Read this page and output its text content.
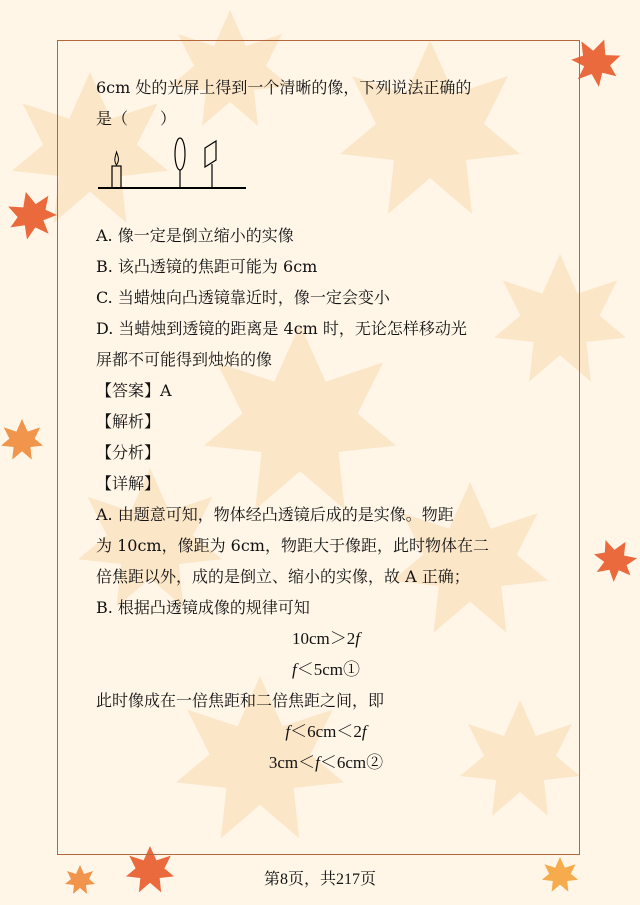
6cm 处的光屏上得到一个清晰的像，下列说法正确的
是（　　）
A. 像一定是倒立缩小的实像
B. 该凸透镜的焦距可能为 6cm
C. 当蜡烛向凸透镜靠近时，像一定会变小
D. 当蜡烛到透镜的距离是 4cm 时，无论怎样移动光
屏都不可能得到烛焰的像
【答案】A
【解析】
【分析】
【详解】
A. 由题意可知，物体经凸透镜后成的是实像。物距
为 10cm，像距为 6cm，物距大于像距，此时物体在二
倍焦距以外，成的是倒立、缩小的实像，故 A 正确；
B. 根据凸透镜成像的规律可知
10cm＞2f
f＜5cm①
此时像成在一倍焦距和二倍焦距之间，即
f＜6cm＜2f
3cm＜f＜6cm②
第8页，共217页
